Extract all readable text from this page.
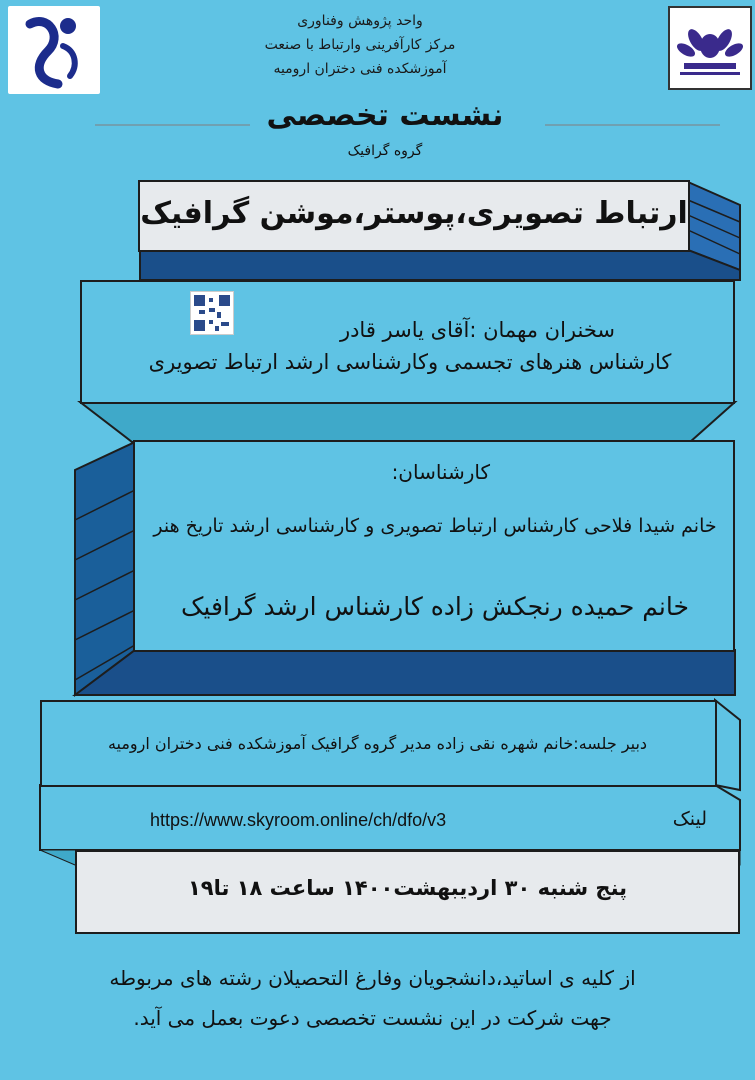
واحد پژوهش وفناوری
مرکز کارآفرینی وارتباط با صنعت
آموزشکده فنی دختران ارومیه
نشست تخصصی
گروه گرافیک
ارتباط تصویری،پوستر،موشن گرافیک
سخنران مهمان :آقای یاسر قادر
کارشناس هنرهای تجسمی وکارشناسی ارشد ارتباط تصویری
کارشناسان:
خانم شیدا فلاحی کارشناس ارتباط تصویری و کارشناسی ارشد تاریخ هنر
خانم حمیده رنجکش زاده کارشناس ارشد گرافیک
دبیر جلسه:خانم شهره نقی زاده مدیر گروه گرافیک آموزشکده فنی دختران ارومیه
لینک
https://www.skyroom.online/ch/dfo/v3
پنج شنبه ۳۰ اردیبهشت۱۴۰۰ ساعت ۱۸ تا۱۹
از کلیه ی اساتید،دانشجویان وفارغ التحصیلان رشته های مربوطه
جهت شرکت در این نشست تخصصی دعوت بعمل می آید.
